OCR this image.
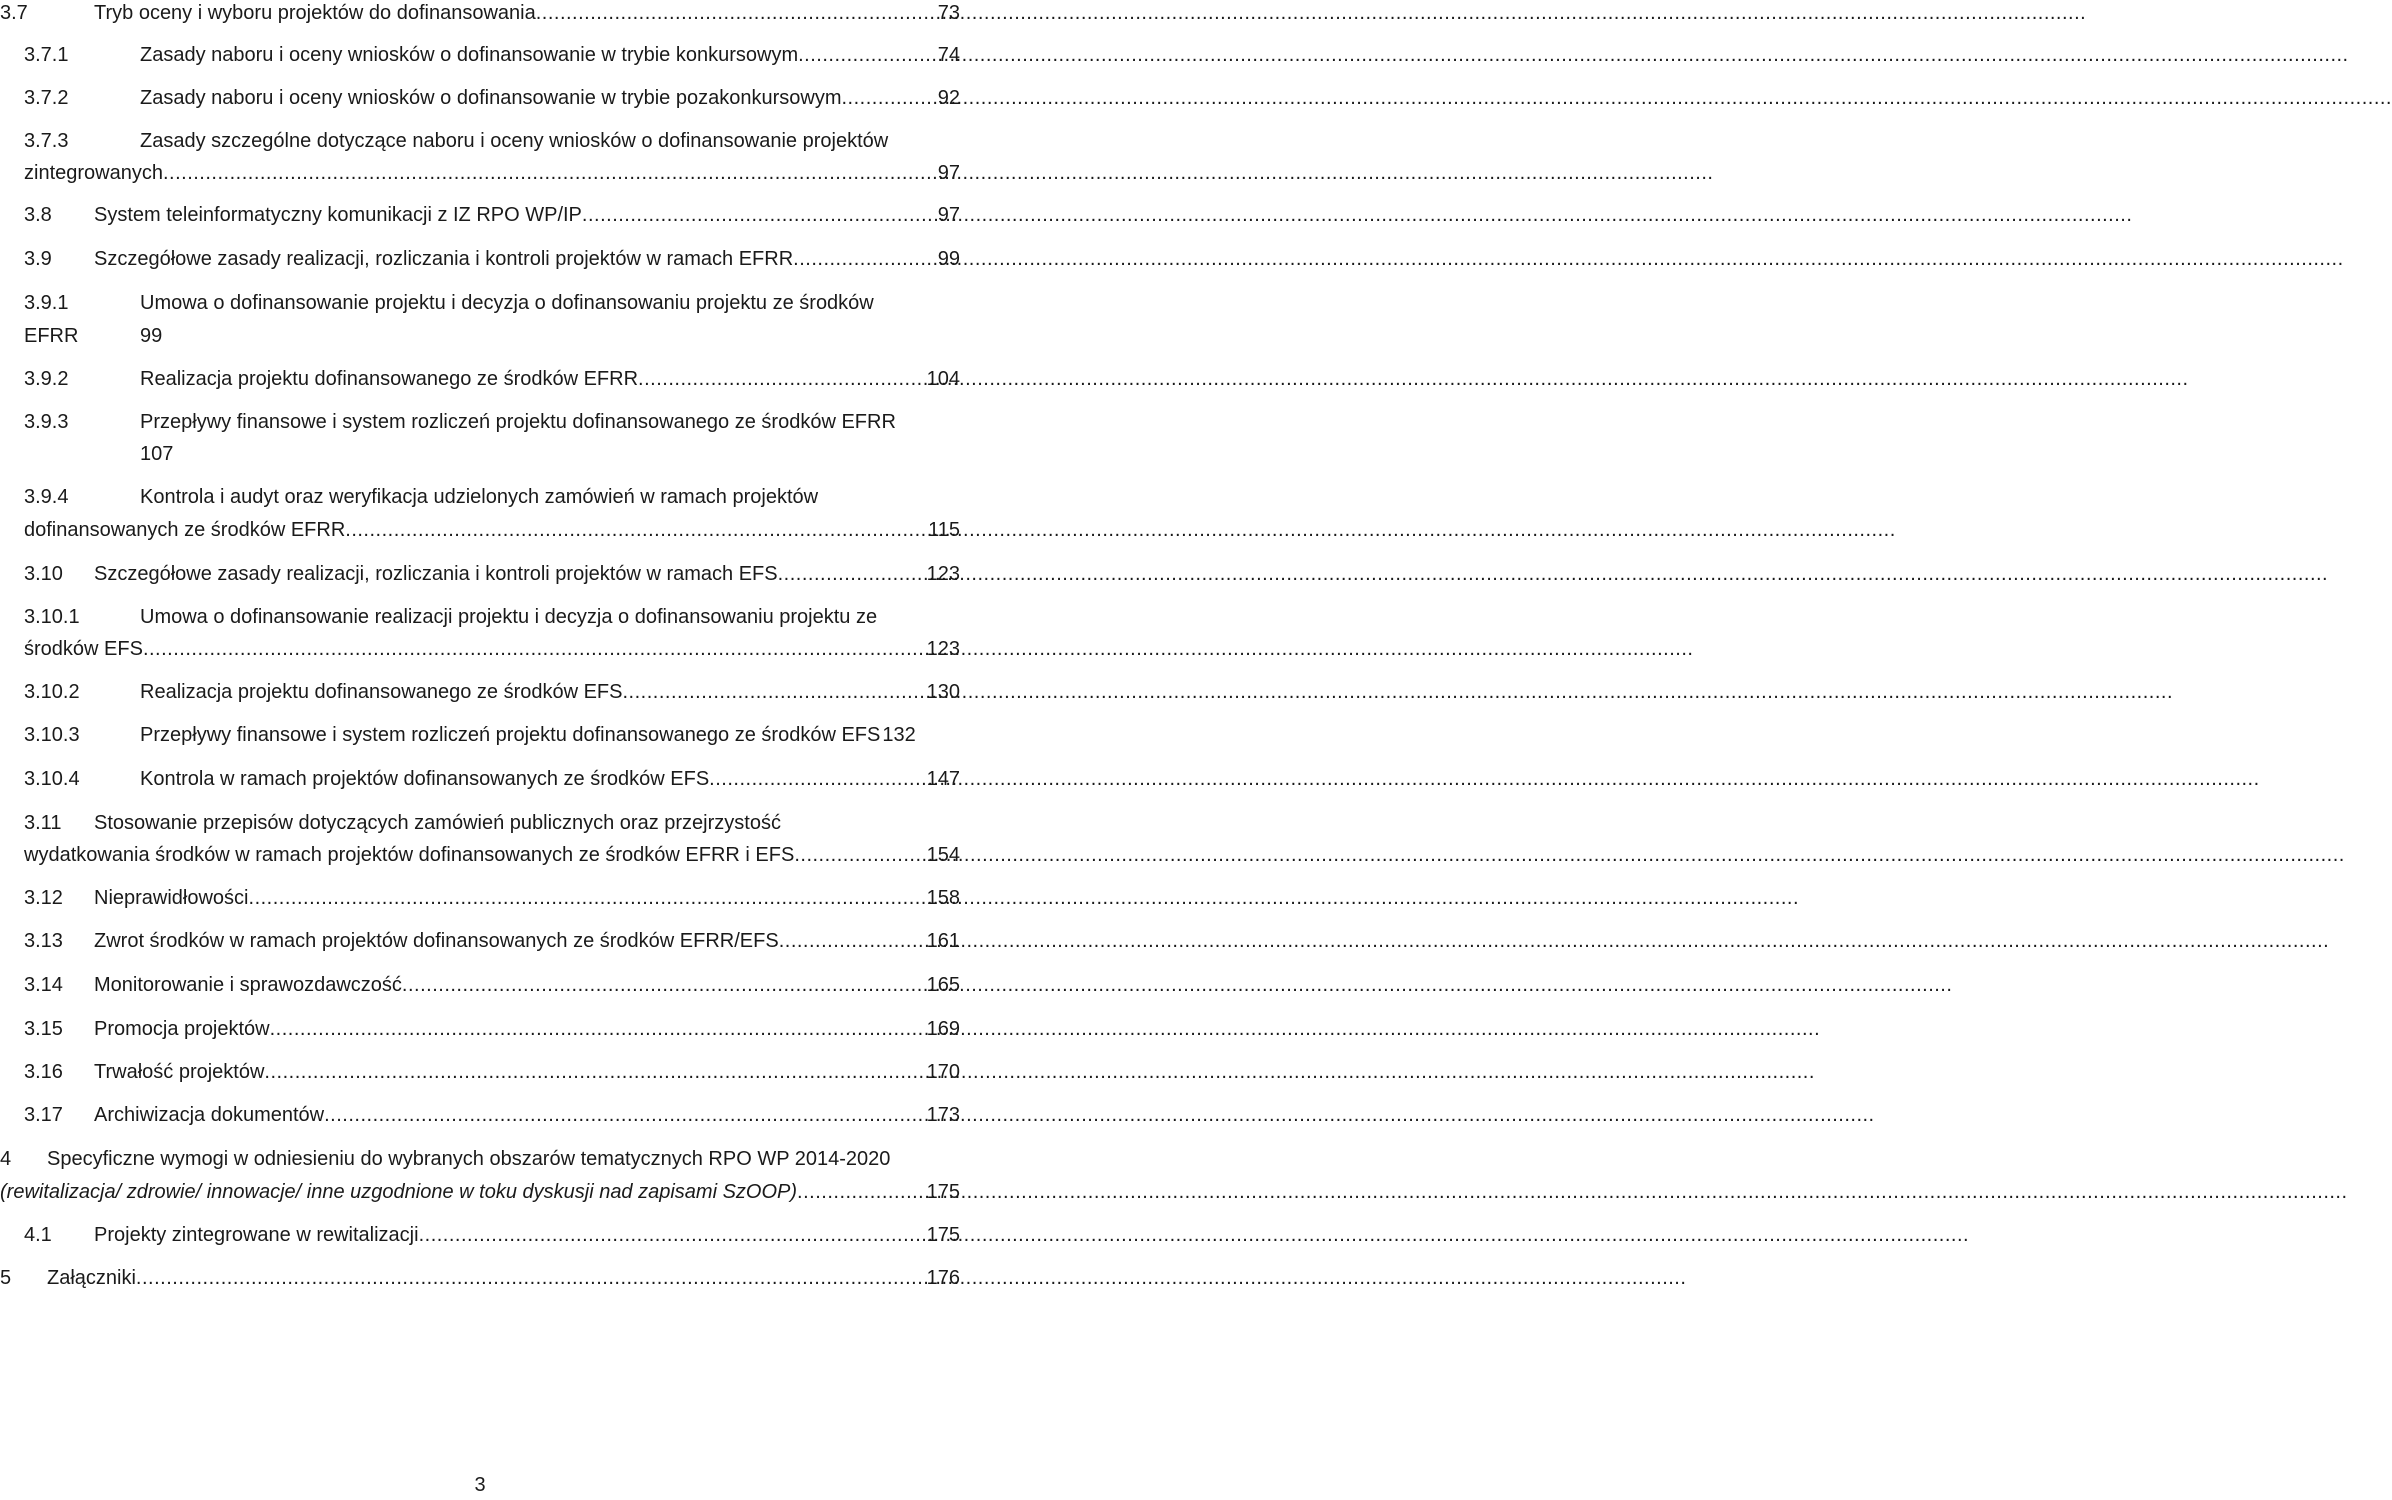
3.7	Tryb oceny i wyboru projektów do dofinansowania .....	73
3.7.1	Zasady naboru i oceny wniosków o dofinansowanie w trybie konkursowym .....	74
3.7.2	Zasady naboru i oceny wniosków o dofinansowanie w trybie pozakonkursowym .....	92
3.7.3	Zasady szczególne dotyczące naboru i oceny wniosków o dofinansowanie projektów
zintegrowanych .....	97
3.8	System teleinformatyczny komunikacji z IZ RPO WP/IP .....	97
3.9	Szczegółowe zasady realizacji, rozliczania i kontroli projektów w ramach EFRR .....	99
3.9.1	Umowa o dofinansowanie projektu i decyzja o dofinansowaniu projektu ze środków
EFRR	99
3.9.2	Realizacja projektu dofinansowanego ze środków EFRR .....	104
3.9.3	Przepływy finansowe i system rozliczeń projektu dofinansowanego ze środków EFRR
107
3.9.4	Kontrola i audyt oraz weryfikacja udzielonych zamówień w ramach projektów
dofinansowanych ze środków EFRR .....	115
3.10	Szczegółowe zasady realizacji, rozliczania i kontroli projektów w ramach EFS .....	123
3.10.1	Umowa o dofinansowanie realizacji projektu i decyzja o dofinansowaniu projektu ze
środków EFS .....	123
3.10.2	Realizacja projektu dofinansowanego ze środków EFS .....	130
3.10.3	Przepływy finansowe i system rozliczeń projektu dofinansowanego ze środków EFS 132
3.10.4	Kontrola w ramach projektów dofinansowanych ze środków EFS .....	147
3.11 Stosowanie przepisów dotyczących zamówień publicznych oraz przejrzystość
wydatkowania środków w ramach projektów dofinansowanych ze środków EFRR i EFS .....	154
3.12	Nieprawidłowości .....	158
3.13	Zwrot środków w ramach projektów dofinansowanych ze środków EFRR/EFS .....	161
3.14	Monitorowanie i sprawozdawczość .....	165
3.15	Promocja projektów .....	169
3.16	Trwałość projektów .....	170
3.17	Archiwizacja dokumentów .....	173
4 Specyficzne wymogi w odniesieniu do wybranych obszarów tematycznych RPO WP 2014-2020
(rewitalizacja/ zdrowie/ innowacje/ inne uzgodnione w toku dyskusji nad zapisami SzOOP) .....	175
4.1	Projekty zintegrowane w rewitalizacji .....	175
5	Załączniki .....	176
3
